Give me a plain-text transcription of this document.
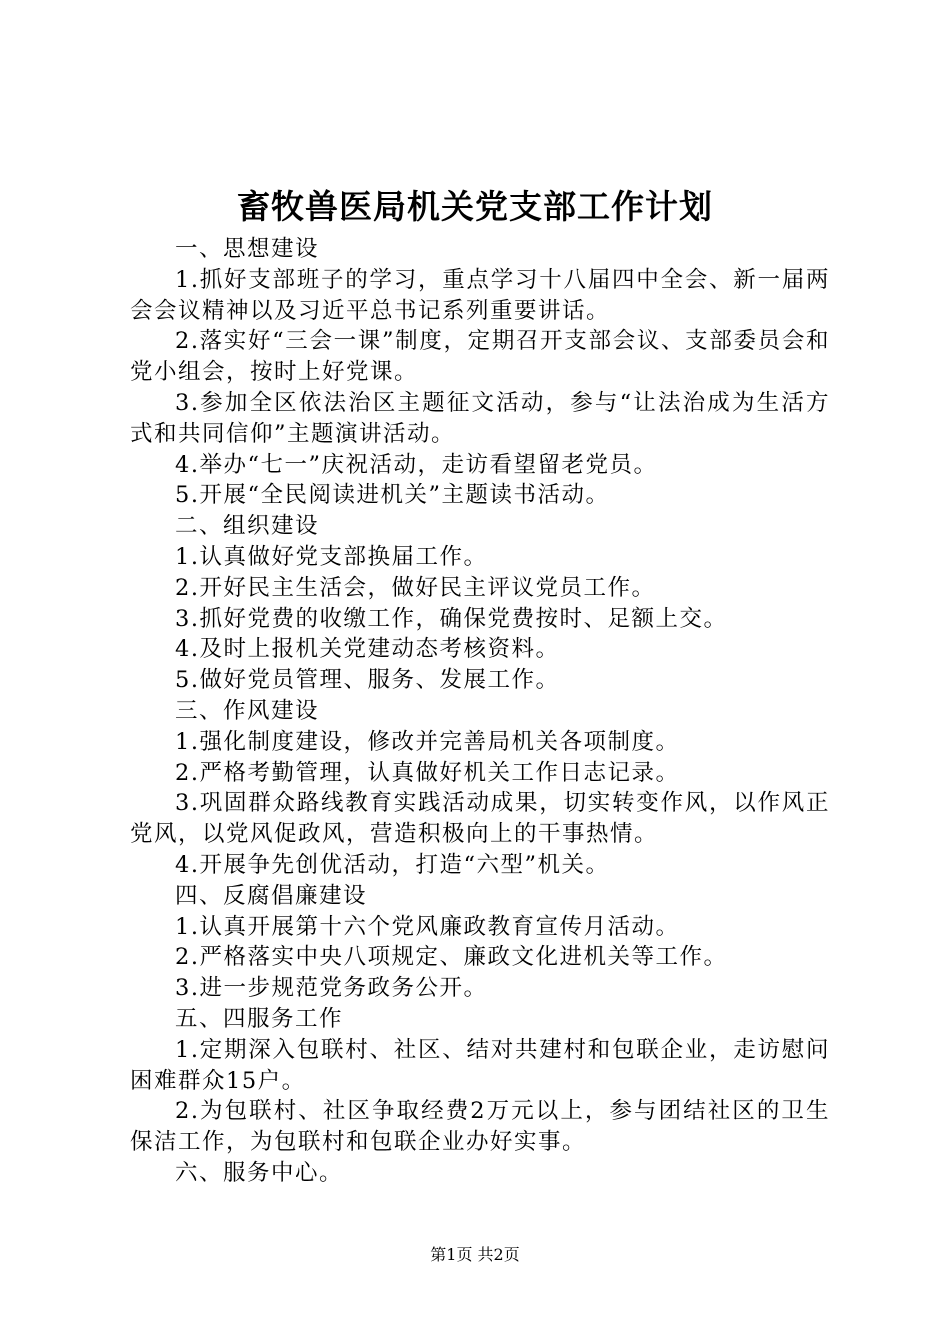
畜牧兽医局机关党支部工作计划

一、思想建设

1.抓好支部班子的学习，重点学习十八届四中全会、新一届两会会议精神以及习近平总书记系列重要讲话。

2.落实好“三会一课”制度，定期召开支部会议、支部委员会和党小组会，按时上好党课。

3.参加全区依法治区主题征文活动，参与“让法治成为生活方式和共同信仰”主题演讲活动。

4.举办“七一”庆祝活动，走访看望留老党员。

5.开展“全民阅读进机关”主题读书活动。

二、组织建设

1.认真做好党支部换届工作。

2.开好民主生活会，做好民主评议党员工作。

3.抓好党费的收缴工作，确保党费按时、足额上交。

4.及时上报机关党建动态考核资料。

5.做好党员管理、服务、发展工作。

三、作风建设

1.强化制度建设，修改并完善局机关各项制度。

2.严格考勤管理，认真做好机关工作日志记录。

3.巩固群众路线教育实践活动成果，切实转变作风，以作风正党风，以党风促政风，营造积极向上的干事热情。

4.开展争先创优活动，打造“六型”机关。

四、反腐倡廉建设

1.认真开展第十六个党风廉政教育宣传月活动。

2.严格落实中央八项规定、廉政文化进机关等工作。

3.进一步规范党务政务公开。

五、四服务工作

1.定期深入包联村、社区、结对共建村和包联企业，走访慰问困难群众15户。

2.为包联村、社区争取经费2万元以上，参与团结社区的卫生保洁工作，为包联村和包联企业办好实事。

六、服务中心。

第1页 共2页
